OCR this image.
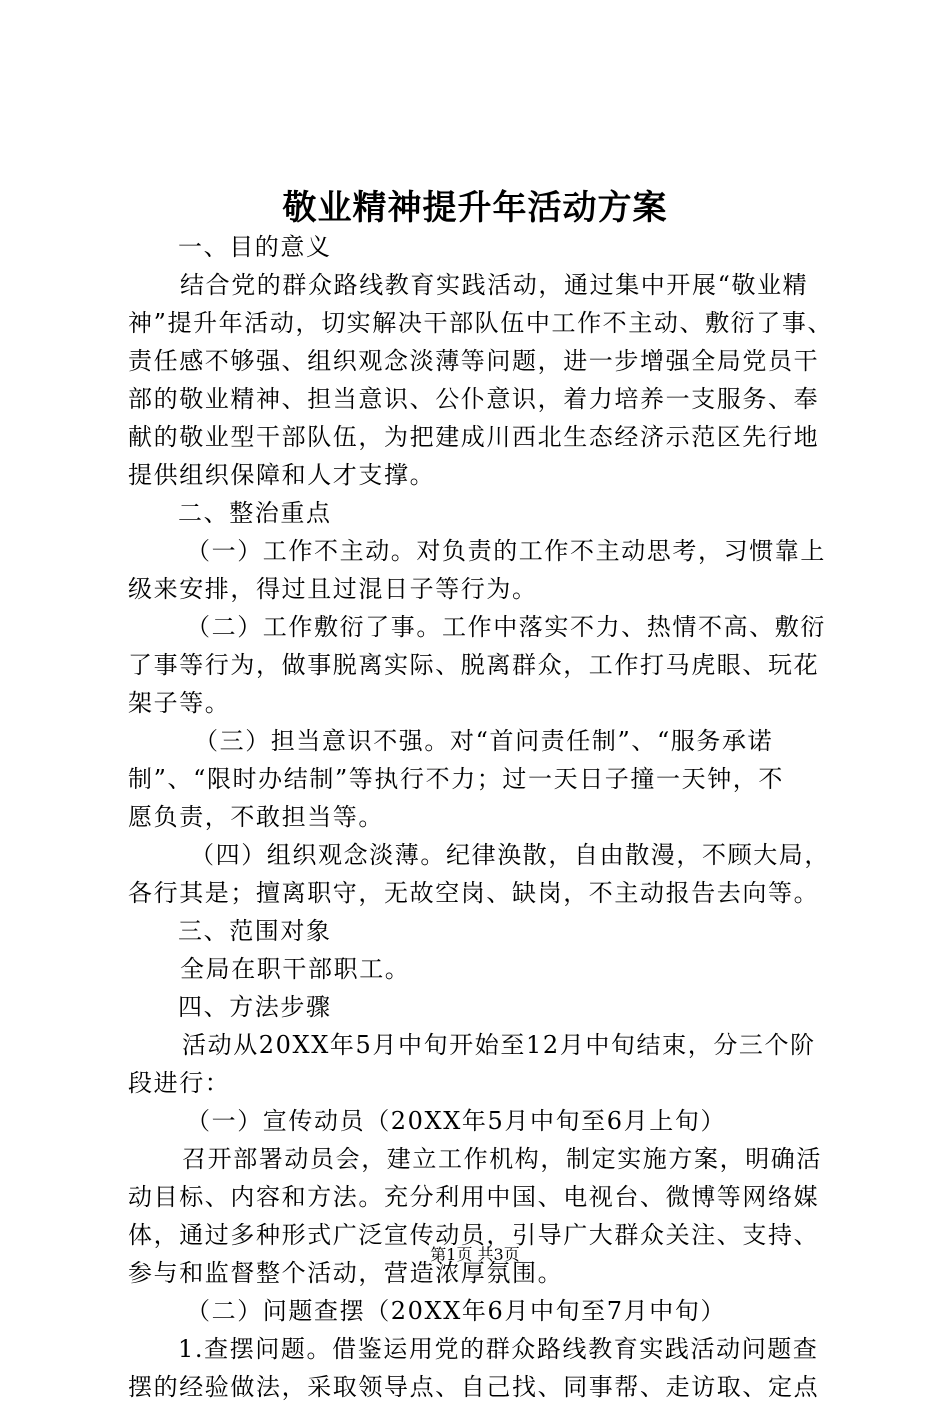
敬业精神提升年活动方案
一、目的意义
结合党的群众路线教育实践活动，通过集中开展“敬业精
神”提升年活动，切实解决干部队伍中工作不主动、敷衍了事、
责任感不够强、组织观念淡薄等问题，进一步增强全局党员干
部的敬业精神、担当意识、公仆意识，着力培养一支服务、奉
献的敬业型干部队伍，为把建成川西北生态经济示范区先行地
提供组织保障和人才支撑。
二、整治重点
（一）工作不主动。对负责的工作不主动思考，习惯靠上
级来安排，得过且过混日子等行为。
（二）工作敷衍了事。工作中落实不力、热情不高、敷衍
了事等行为，做事脱离实际、脱离群众，工作打马虎眼、玩花
架子等。
（三）担当意识不强。对“首问责任制”、“服务承诺
制”、“限时办结制”等执行不力；过一天日子撞一天钟，不
愿负责，不敢担当等。
（四）组织观念淡薄。纪律涣散，自由散漫，不顾大局，
各行其是；擅离职守，无故空岗、缺岗，不主动报告去向等。
三、范围对象
全局在职干部职工。
四、方法步骤
活动从20XX年5月中旬开始至12月中旬结束，分三个阶
段进行：
（一）宣传动员（20XX年5月中旬至6月上旬）
召开部署动员会，建立工作机构，制定实施方案，明确活
动目标、内容和方法。充分利用中国、电视台、微博等网络媒
体，通过多种形式广泛宣传动员，引导广大群众关注、支持、
参与和监督整个活动，营造浓厚氛围。
（二）问题查摆（20XX年6月中旬至7月中旬）
1.查摆问题。借鉴运用党的群众路线教育实践活动问题查
摆的经验做法，采取领导点、自己找、同事帮、走访取、定点
第1页 共3页
